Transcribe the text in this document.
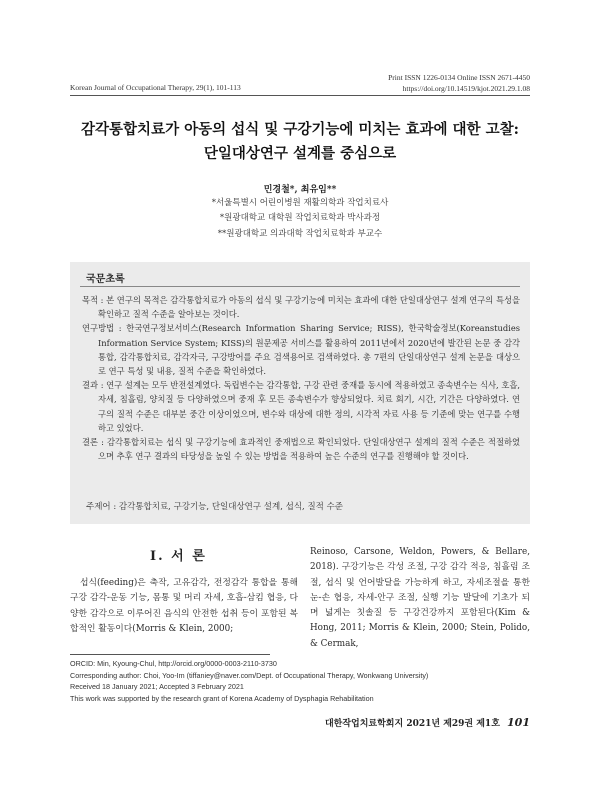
Print ISSN 1226-0134 Online ISSN 2671-4450
https://doi.org/10.14519/kjot.2021.29.1.08
Korean Journal of Occupational Therapy, 29(1), 101-113
감각통합치료가 아동의 섭식 및 구강기능에 미치는 효과에 대한 고찰:
단일대상연구 설계를 중심으로
민경철*, 최유임**
*서울특별시 어린이병원 재활의학과 작업치료사
*원광대학교 대학원 작업치료학과 박사과정
**원광대학교 의과대학 작업치료학과 부교수
국문초록

목적 : 본 연구의 목적은 감각통합치료가 아동의 섭식 및 구강기능에 미치는 효과에 대한 단일대상연구 설계 연구의 특성을 확인하고 질적 수준을 알아보는 것이다.

연구방법 : 한국연구정보서비스(Research Information Sharing Service; RISS), 한국학술정보(Koreanstudies Information Service System; KISS)의 원문제공 서비스를 활용하여 2011년에서 2020년에 발간된 논문 중 감각통합, 감각통합치료, 감각자극, 구강방어를 주요 검색용어로 검색하였다. 총 7편의 단일대상연구 설계 논문을 대상으로 연구 특성 및 내용, 질적 수준을 확인하였다.

결과 : 연구 설계는 모두 반전설계였다. 독립변수는 감각통합, 구강 관련 중재를 동시에 적용하였고 종속변수는 식사, 호흡, 자세, 침흘림, 양치질 등 다양하였으며 중재 후 모든 종속변수가 향상되었다. 치료 회기, 시간, 기간은 다양하였다. 연구의 질적 수준은 대부분 중간 이상이었으며, 변수와 대상에 대한 정의, 시각적 자료 사용 등 기준에 맞는 연구를 수행하고 있었다.

결론 : 감각통합치료는 섭식 및 구강기능에 효과적인 중재법으로 확인되었다. 단일대상연구 설계의 질적 수준은 적절하였으며 추후 연구 결과의 타당성을 높일 수 있는 방법을 적용하여 높은 수준의 연구를 진행해야 할 것이다.

주제어 : 감각통합치료, 구강기능, 단일대상연구 설계, 섭식, 질적 수준
Ⅰ. 서 론
섭식(feeding)은 축작, 고유감각, 전정감각 통합을 통해 구강 감각-운동 기능, 몸통 및 머리 자세, 호흡-삼킴 협응, 다양한 감각으로 이루어진 음식의 안전한 섭취 등이 포함된 복합적인 활동이다(Morris & Klein, 2000;
Reinoso, Carsone, Weldon, Powers, & Bellare, 2018). 구강기능은 각성 조절, 구강 감각 적응, 침흘림 조절, 섭식 및 언어발달을 가능하게 하고, 자세조절을 통한 눈-손 협응, 자세-안구 조절, 실행 기능 발달에 기초가 되며 넓게는 칫솔질 등 구강건강까지 포함된다(Kim & Hong, 2011; Morris & Klein, 2000; Stein, Polido, & Cermak,
ORCID: Min, Kyoung-Chul, http://orcid.org/0000-0003-2110-3730
Corresponding author: Choi, Yoo-Im (tiffaniey@naver.com/Dept. of Occupational Therapy, Wonkwang University)
Received 18 January 2021; Accepted 3 February 2021
This work was supported by the research grant of Korena Academy of Dysphagia Rehabilitation
대한작업치료학회지 2021년 제29권 제1호 101
